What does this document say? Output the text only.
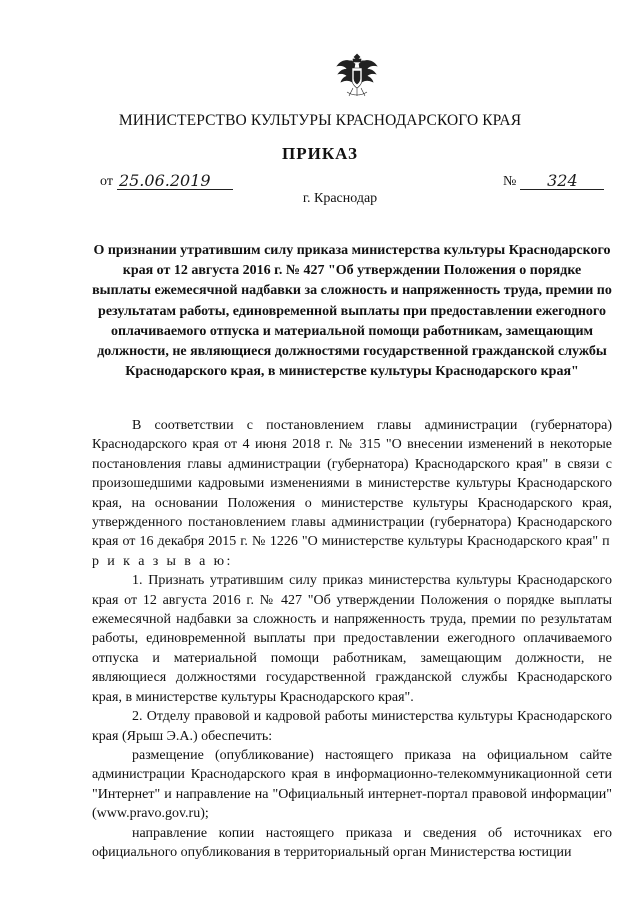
МИНИСТЕРСТВО КУЛЬТУРЫ КРАСНОДАРСКОГО КРАЯ
ПРИКАЗ
от 25.06.2019	№	324
г. Краснодар
О признании утратившим силу приказа министерства культуры Краснодарского края от 12 августа 2016 г. № 427 "Об утверждении Положения о порядке выплаты ежемесячной надбавки за сложность и напряженность труда, премии по результатам работы, единовременной выплаты при предоставлении ежегодного оплачиваемого отпуска и материальной помощи работникам, замещающим должности, не являющиеся должностями государственной гражданской службы Краснодарского края, в министерстве культуры Краснодарского края"

В соответствии с постановлением главы администрации (губернатора) Краснодарского края от 4 июня 2018 г. № 315 "О внесении изменений в некоторые постановления главы администрации (губернатора) Краснодарского края" в связи с произошедшими кадровыми изменениями в министерстве культуры Краснодарского края, на основании Положения о министерстве культуры Краснодарского края, утвержденного постановлением главы администрации (губернатора) Краснодарского края от 16 декабря 2015 г. № 1226 "О министерстве культуры Краснодарского края" п р и к а з ы в а ю:

1. Признать утратившим силу приказ министерства культуры Краснодарского края от 12 августа 2016 г. № 427 "Об утверждении Положения о порядке выплаты ежемесячной надбавки за сложность и напряженность труда, премии по результатам работы, единовременной выплаты при предоставлении ежегодного оплачиваемого отпуска и материальной помощи работникам, замещающим должности, не являющиеся должностями государственной гражданской службы Краснодарского края, в министерстве культуры Краснодарского края".

2. Отделу правовой и кадровой работы министерства культуры Краснодарского края (Ярыш Э.А.) обеспечить:

размещение (опубликование) настоящего приказа на официальном сайте администрации Краснодарского края в информационно-телекоммуникационной сети "Интернет" и направление на "Официальный интернет-портал правовой информации" (www.pravo.gov.ru);

направление копии настоящего приказа и сведения об источниках его официального опубликования в территориальный орган Министерства юстиции
